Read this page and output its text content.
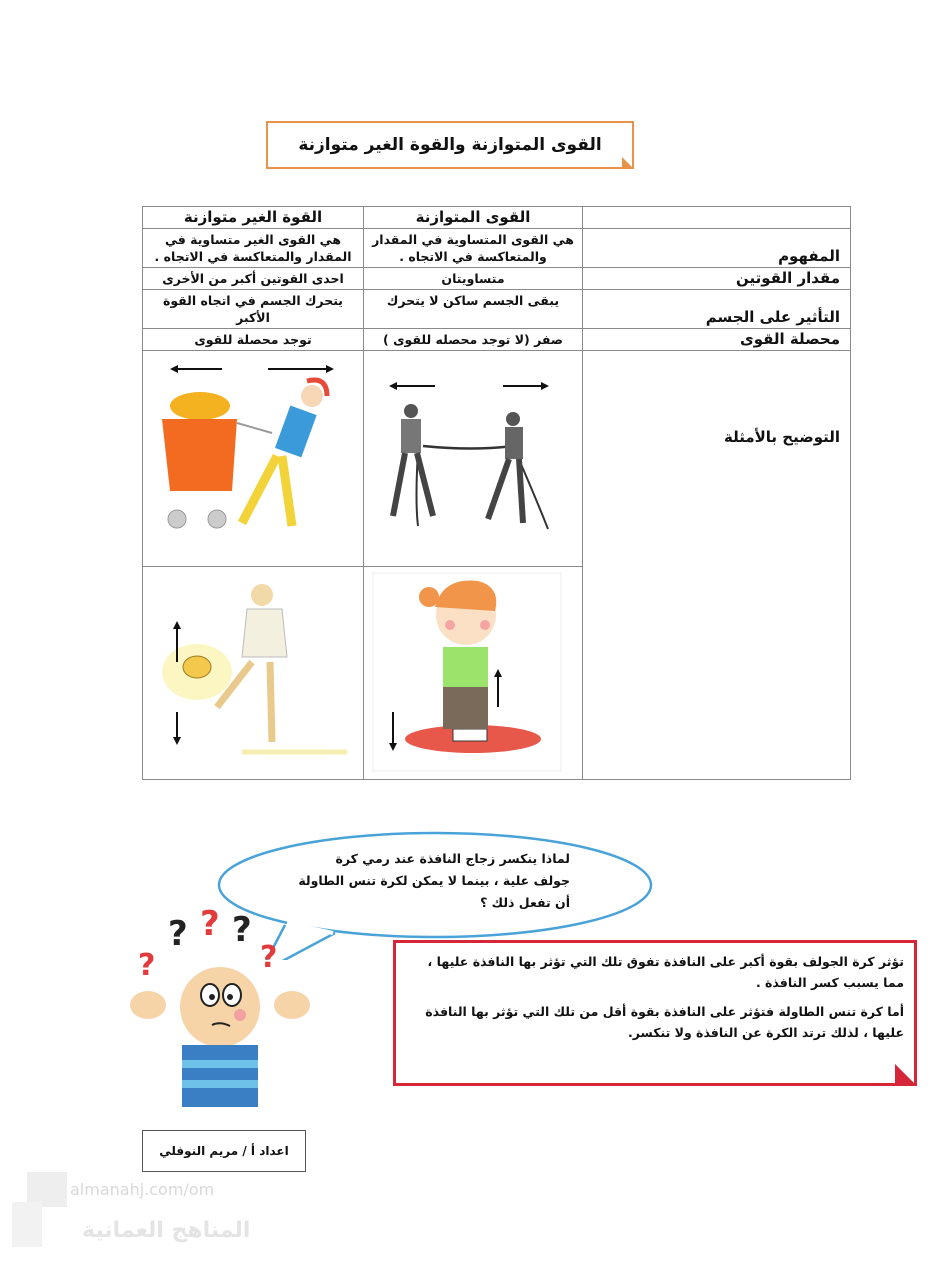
القوى المتوازنة والقوة الغير متوازنة
	القوى المتوازنة	القوة الغير متوازنة
المفهوم	هي القوى المتساوية في المقدار والمتعاكسة في الاتجاه .	هي القوى الغير متساوية في المقدار والمتعاكسة في الاتجاه .
مقدار القوتين	متساويتان	احدى القوتين أكبر من الأخرى
التأثير على الجسم	يبقى الجسم ساكن لا يتحرك	يتحرك الجسم في اتجاه القوة الأكبر
محصلة القوى	صفر (لا توجد محصله للقوى )	توجد محصلة للقوى
التوضيح بالأمثلة	

لماذا ينكسر زجاج النافذة عند رمي كرة
جولف علية ، بينما لا يمكن لكرة تنس الطاولة
أن تفعل ذلك ؟
? ? ?
?	?	تؤثر كرة الجولف بقوة أكبر على النافذة تفوق تلك التي تؤثر بها النافذة عليها ، مما يسبب كسر النافذة .

أما كرة تنس الطاولة فتؤثر على النافذة بقوة أقل من تلك التي تؤثر بها النافذة عليها ، لذلك ترتد الكرة عن النافذة ولا تنكسر.

اعداد أ / مريم النوفلي
almanahj.com/om
المناهج العمانية
